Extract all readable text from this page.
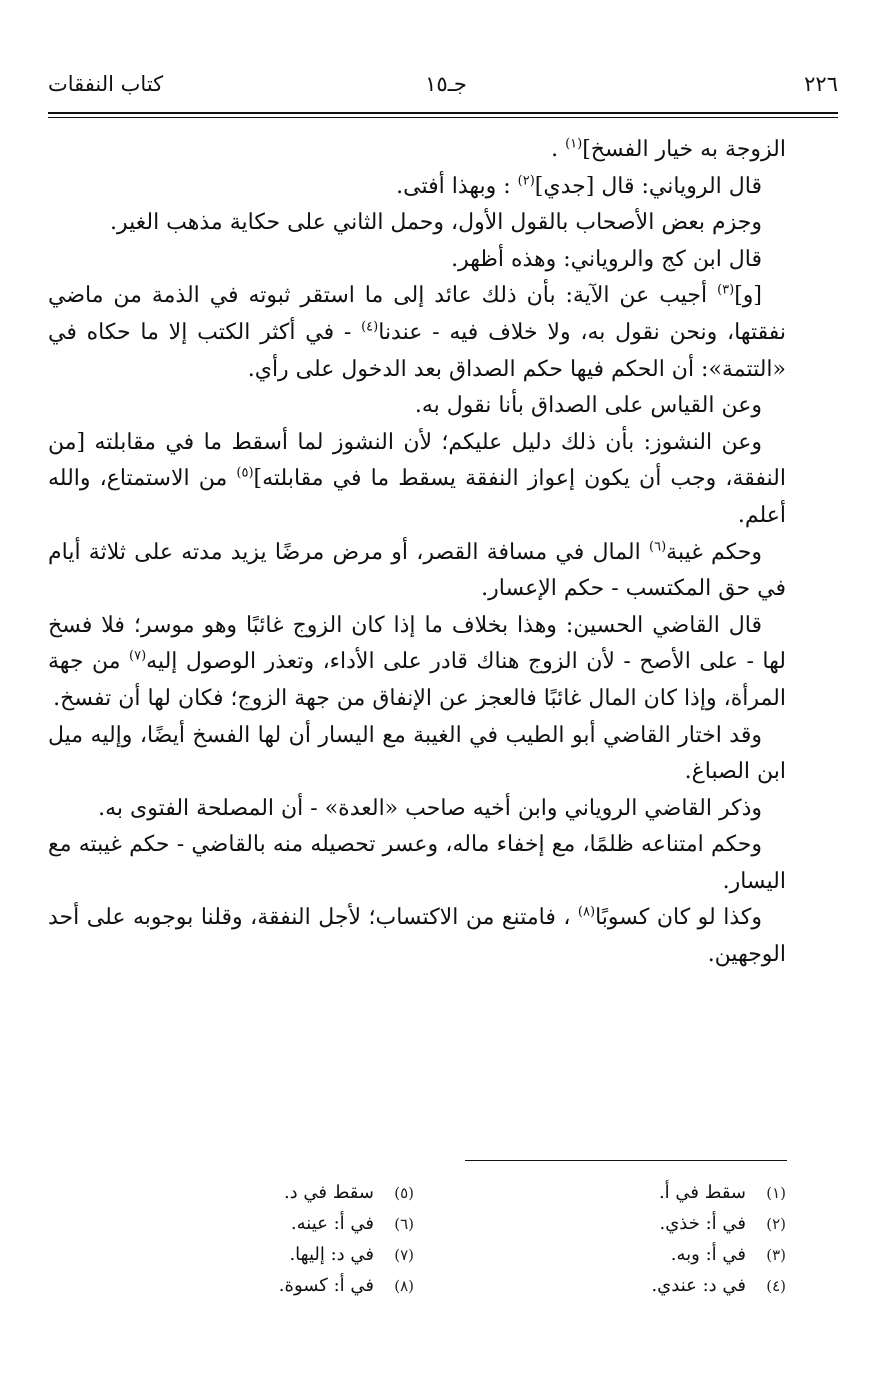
٢٢٦
جـ١٥
كتاب النفقات

الزوجة به خيار الفسخ]$^{(١)}$ .

قال الروياني: قال [جدي]$^{(٢)}$ : وبهذا أفتى.

وجزم بعض الأصحاب بالقول الأول، وحمل الثاني على حكاية مذهب الغير.

قال ابن كج والروياني: وهذه أظهر.

[و]$^{(٣)}$ أجيب عن الآية: بأن ذلك عائد إلى ما استقر ثبوته في الذمة من ماضي نفقتها، ونحن نقول به، ولا خلاف فيه - عندنا$^{(٤)}$ - في أكثر الكتب إلا ما حكاه في «التتمة»: أن الحكم فيها حكم الصداق بعد الدخول على رأي.

وعن القياس على الصداق بأنا نقول به.

وعن النشوز: بأن ذلك دليل عليكم؛ لأن النشوز لما أسقط ما في مقابلته [من النفقة، وجب أن يكون إعواز النفقة يسقط ما في مقابلته]$^{(٥)}$ من الاستمتاع، والله أعلم.

وحكم غيبة$^{(٦)}$ المال في مسافة القصر، أو مرض مرضًا يزيد مدته على ثلاثة أيام في حق المكتسب - حكم الإعسار.

قال القاضي الحسين: وهذا بخلاف ما إذا كان الزوج غائبًا وهو موسر؛ فلا فسخ لها - على الأصح - لأن الزوج هناك قادر على الأداء، وتعذر الوصول إليه$^{(٧)}$ من جهة المرأة، وإذا كان المال غائبًا فالعجز عن الإنفاق من جهة الزوج؛ فكان لها أن تفسخ.

وقد اختار القاضي أبو الطيب في الغيبة مع اليسار أن لها الفسخ أيضًا، وإليه ميل ابن الصباغ.

وذكر القاضي الروياني وابن أخيه صاحب «العدة» - أن المصلحة الفتوى به.

وحكم امتناعه ظلمًا، مع إخفاء ماله، وعسر تحصيله منه بالقاضي - حكم غيبته مع اليسار.

وكذا لو كان كسوبًا$^{(٨)}$ ، فامتنع من الاكتساب؛ لأجل النفقة، وقلنا بوجوبه على أحد الوجهين.

(١)سقط في أ.
(٢)في أ: خذي.
(٣)في أ: وبه.
(٤)في د: عندي.
(٥)سقط في د.
(٦)في أ: عينه.
(٧)في د: إليها.
(٨)في أ: كسوة.
